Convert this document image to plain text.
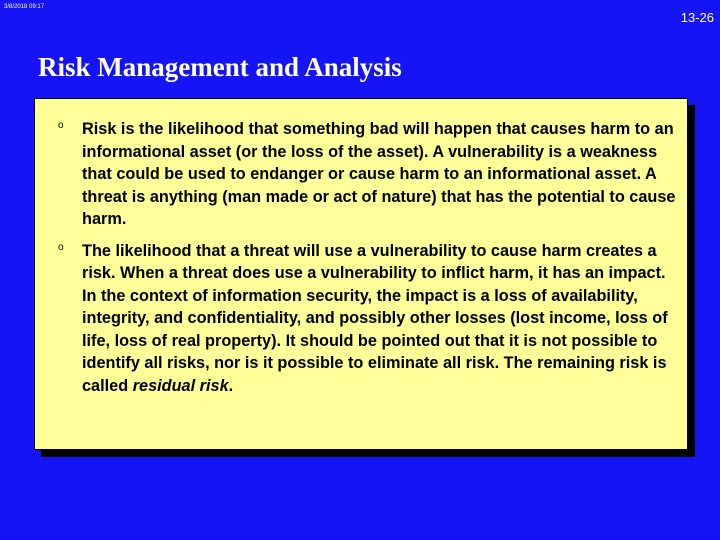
3/8/2018 09:17
13-26
Risk Management and Analysis
o Risk is the likelihood that something bad will happen that causes harm to an informational asset (or the loss of the asset). A vulnerability is a weakness that could be used to endanger or cause harm to an informational asset. A threat is anything (man made or act of nature) that has the potential to cause harm.
o The likelihood that a threat will use a vulnerability to cause harm creates a risk. When a threat does use a vulnerability to inflict harm, it has an impact. In the context of information security, the impact is a loss of availability, integrity, and confidentiality, and possibly other losses (lost income, loss of life, loss of real property). It should be pointed out that it is not possible to identify all risks, nor is it possible to eliminate all risk. The remaining risk is called residual risk.
